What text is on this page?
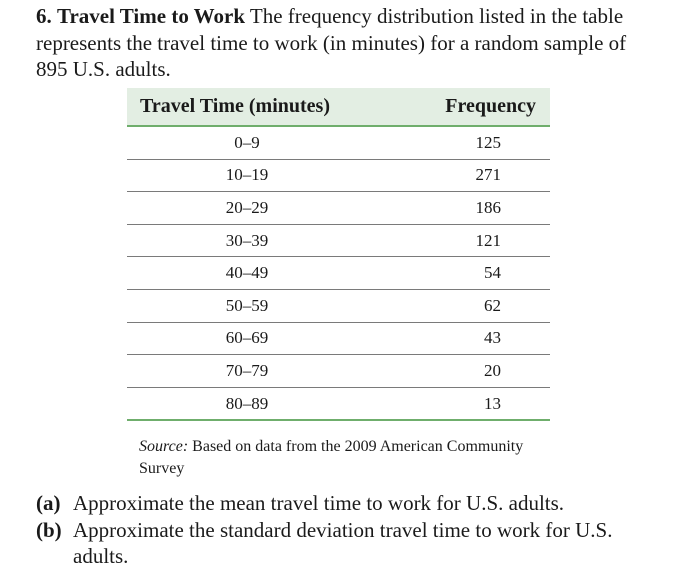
6. Travel Time to Work The frequency distribution listed in the table represents the travel time to work (in minutes) for a random sample of 895 U.S. adults.
Travel Time (minutes)	Frequency
0–9	125
10–19	271
20–29	186
30–39	121
40–49	54
50–59	62
60–69	43
70–79	20
80–89	13
Source: Based on data from the 2009 American Community Survey
(a) Approximate the mean travel time to work for U.S. adults.
(b) Approximate the standard deviation travel time to work for U.S. adults.
